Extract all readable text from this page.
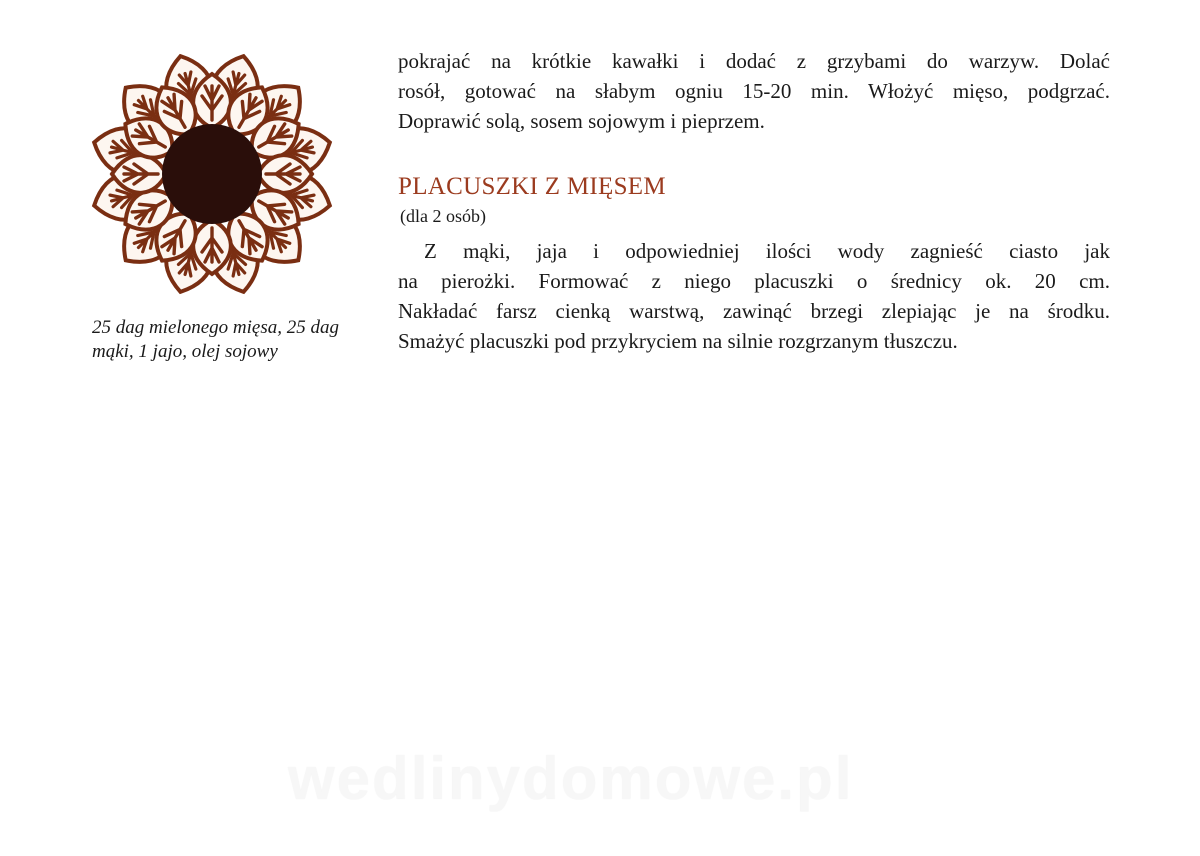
25 dag mielonego mięsa, 25 dag
mąki, 1 jajo, olej sojowy

pokrajać na krótkie kawałki i dodać z grzybami do warzyw. Dolać
rosół, gotować na słabym ogniu 15-20 min. Włożyć mięso, podgrzać.
Doprawić solą, sosem sojowym i pieprzem.

PLACUSZKI Z MIĘSEM
(dla 2 osób)

Z mąki, jaja i odpowiedniej ilości wody zagnieść ciasto jak
na pierożki. Formować z niego placuszki o średnicy ok. 20 cm.
Nakładać farsz cienką warstwą, zawinąć brzegi zlepiając je na środku.
Smażyć placuszki pod przykryciem na silnie rozgrzanym tłuszczu.

wedlinydomowe.pl
